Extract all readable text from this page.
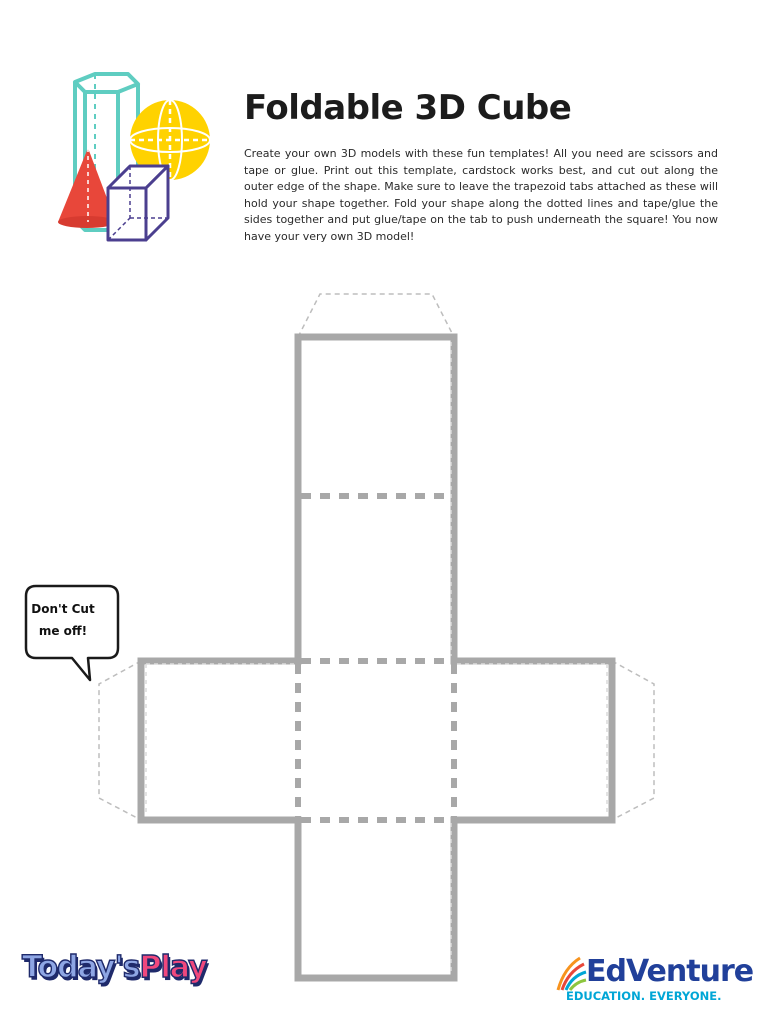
Foldable 3D Cube

Create your own 3D models with these fun templates! All you need are scissors and tape or glue. Print out this template, cardstock works best, and cut out along the outer edge of the shape. Make sure to leave the trapezoid tabs attached as these will hold your shape together. Fold your shape along the dotted lines and tape/glue the sides together and put glue/tape on the tab to push underneath the square! You now have your very own 3D model!

Don't Cut
me off!

Today'sPlay	EdVenture

EDUCATION. EVERYONE.
